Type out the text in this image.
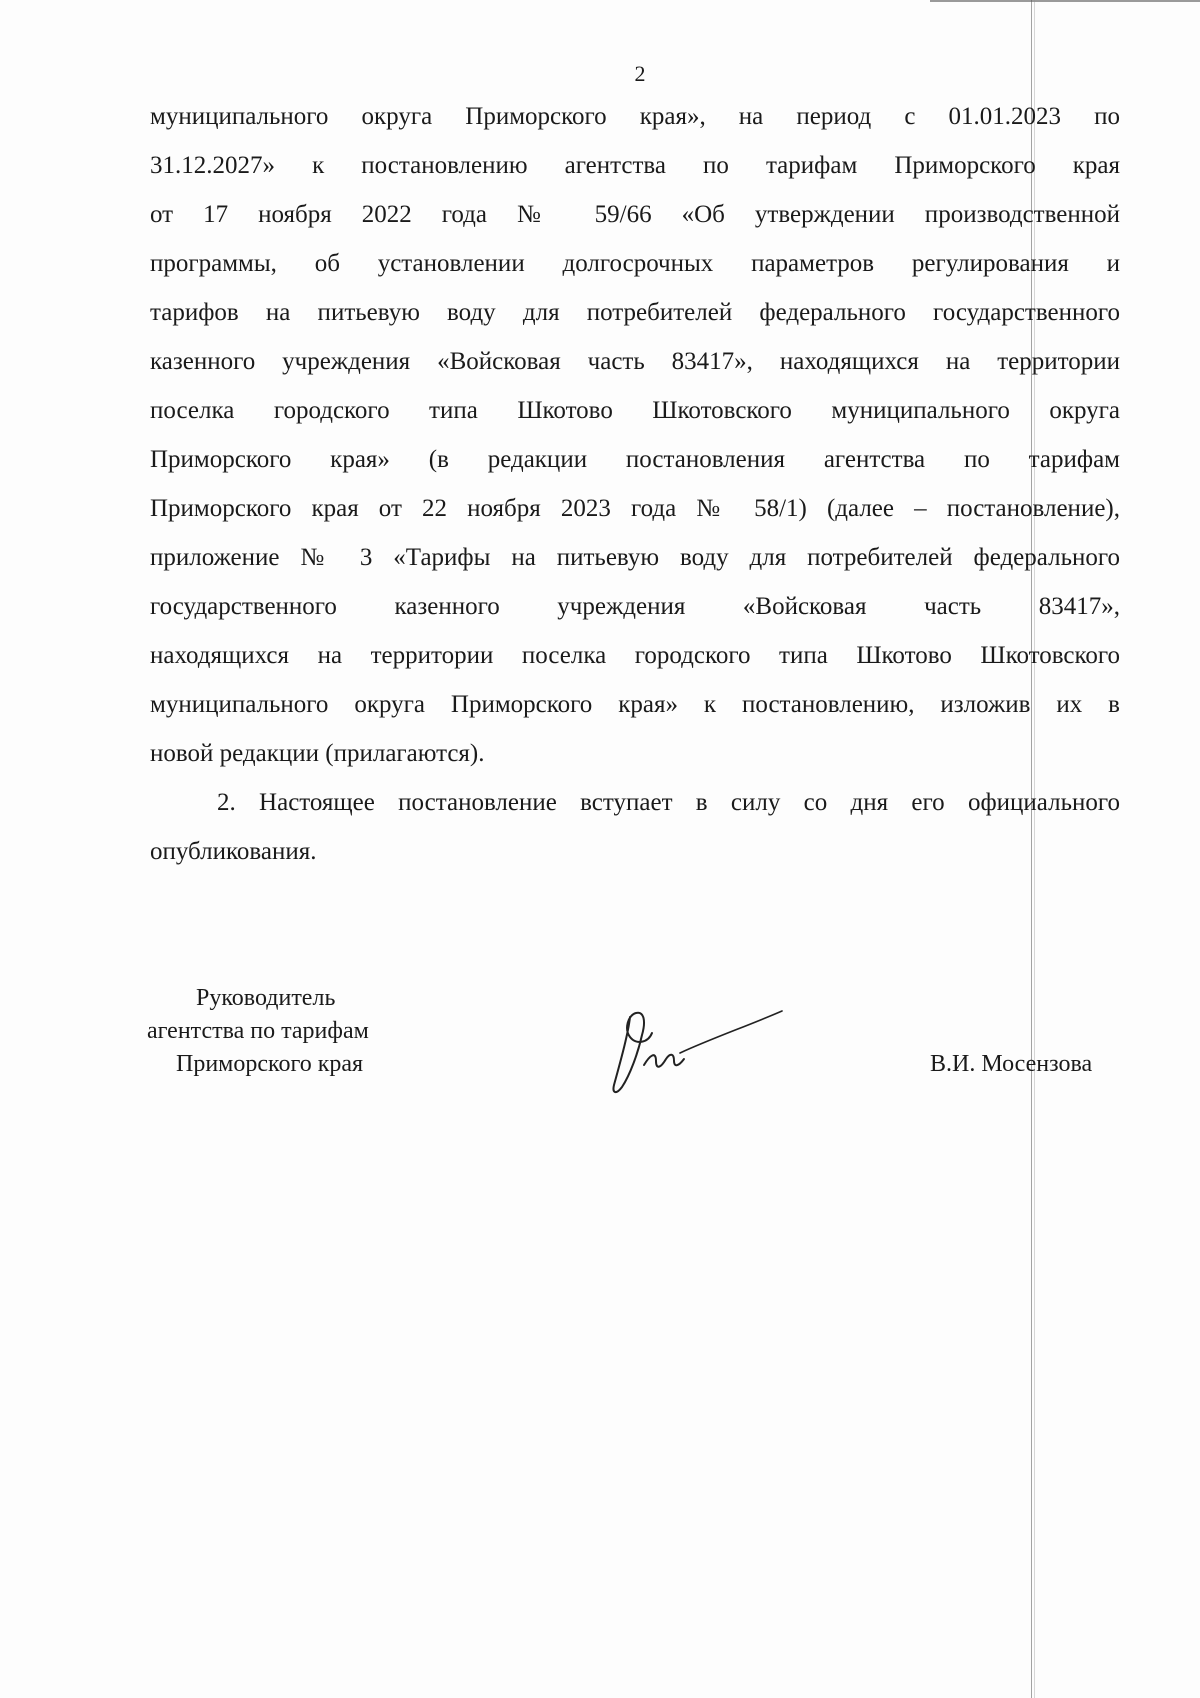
2
муниципального округа Приморского края», на период с 01.01.2023 по
31.12.2027» к постановлению агентства по тарифам Приморского края
от 17 ноября 2022 года № 59/66 «Об утверждении производственной
программы, об установлении долгосрочных параметров регулирования и
тарифов на питьевую воду для потребителей федерального государственного
казенного учреждения «Войсковая часть 83417», находящихся на территории
поселка городского типа Шкотово Шкотовского муниципального округа
Приморского края» (в редакции постановления агентства по тарифам
Приморского края от 22 ноября 2023 года № 58/1) (далее – постановление),
приложение № 3 «Тарифы на питьевую воду для потребителей федерального
государственного казенного учреждения «Войсковая часть 83417»,
находящихся на территории поселка городского типа Шкотово Шкотовского
муниципального округа Приморского края» к постановлению, изложив их в
новой редакции (прилагаются).
2. Настоящее постановление вступает в силу со дня его официального
опубликования.
Руководитель
агентства по тарифам
Приморского края	В.И. Мосензова
